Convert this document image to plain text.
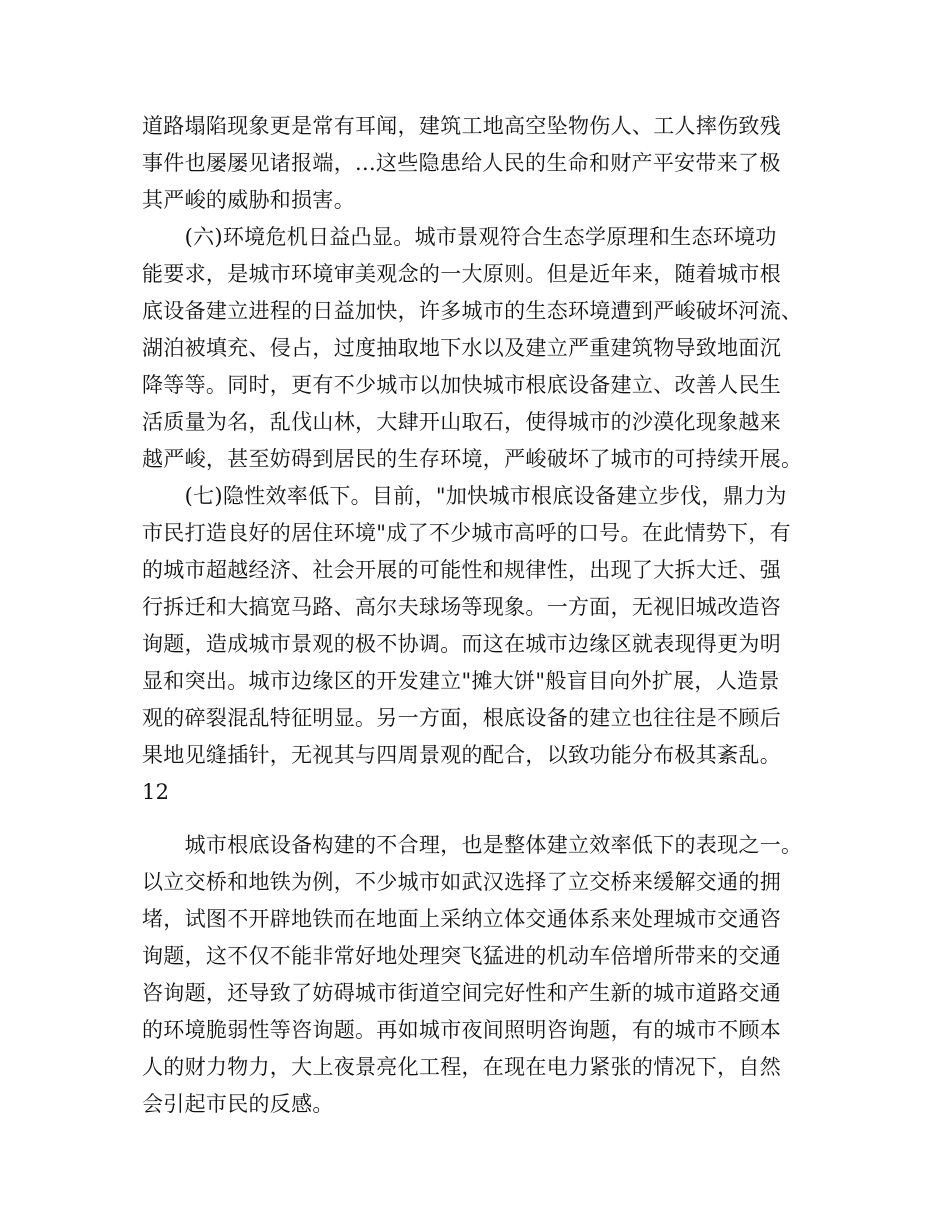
道路塌陷现象更是常有耳闻，建筑工地高空坠物伤人、工人摔伤致残
事件也屡屡见诸报端，...这些隐患给人民的生命和财产平安带来了极
其严峻的威胁和损害。
　　(六)环境危机日益凸显。城市景观符合生态学原理和生态环境功
能要求，是城市环境审美观念的一大原则。但是近年来，随着城市根
底设备建立进程的日益加快，许多城市的生态环境遭到严峻破坏河流、
湖泊被填充、侵占，过度抽取地下水以及建立严重建筑物导致地面沉
降等等。同时，更有不少城市以加快城市根底设备建立、改善人民生
活质量为名，乱伐山林，大肆开山取石，使得城市的沙漠化现象越来
越严峻，甚至妨碍到居民的生存环境，严峻破坏了城市的可持续开展。
　　(七)隐性效率低下。目前，"加快城市根底设备建立步伐，鼎力为
市民打造良好的居住环境"成了不少城市高呼的口号。在此情势下，有
的城市超越经济、社会开展的可能性和规律性，出现了大拆大迁、强
行拆迁和大搞宽马路、高尔夫球场等现象。一方面，无视旧城改造咨
询题，造成城市景观的极不协调。而这在城市边缘区就表现得更为明
显和突出。城市边缘区的开发建立"摊大饼"般盲目向外扩展，人造景
观的碎裂混乱特征明显。另一方面，根底设备的建立也往往是不顾后
果地见缝插针，无视其与四周景观的配合，以致功能分布极其紊乱。
12
　　城市根底设备构建的不合理，也是整体建立效率低下的表现之一。
以立交桥和地铁为例，不少城市如武汉选择了立交桥来缓解交通的拥
堵，试图不开辟地铁而在地面上采纳立体交通体系来处理城市交通咨
询题，这不仅不能非常好地处理突飞猛进的机动车倍增所带来的交通
咨询题，还导致了妨碍城市街道空间完好性和产生新的城市道路交通
的环境脆弱性等咨询题。再如城市夜间照明咨询题，有的城市不顾本
人的财力物力，大上夜景亮化工程，在现在电力紧张的情况下，自然
会引起市民的反感。
